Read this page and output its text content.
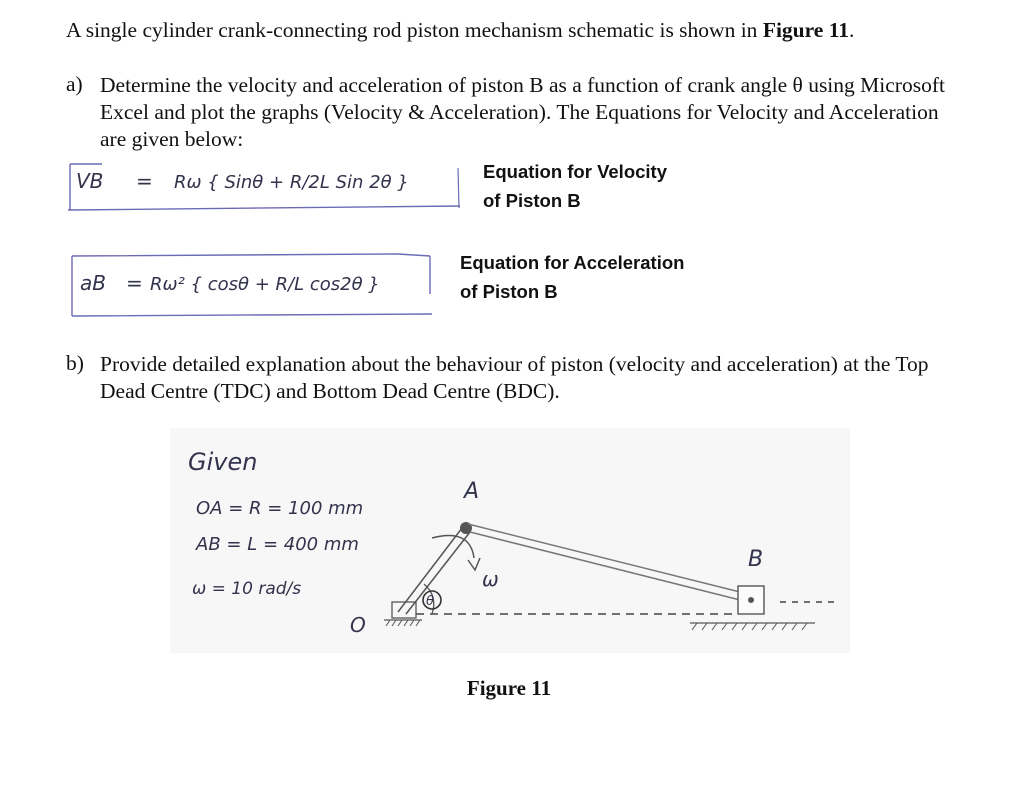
A single cylinder crank-connecting rod piston mechanism schematic is shown in Figure 11.
a) Determine the velocity and acceleration of piston B as a function of crank angle θ using Microsoft Excel and plot the graphs (Velocity & Acceleration). The Equations for Velocity and Acceleration are given below:
VB = Rω { Sinθ + R/2L Sin 2θ }
Equation for Velocity
of Piston B
aB = Rω² { cosθ + R/L cos2θ }
Equation for Acceleration
of Piston B
b) Provide detailed explanation about the behaviour of piston (velocity and acceleration) at the Top Dead Centre (TDC) and Bottom Dead Centre (BDC).
Given
OA = R = 100 mm
AB = L = 400 mm
ω = 10 rad/s
O
ω
θ
A
B
Figure 11
